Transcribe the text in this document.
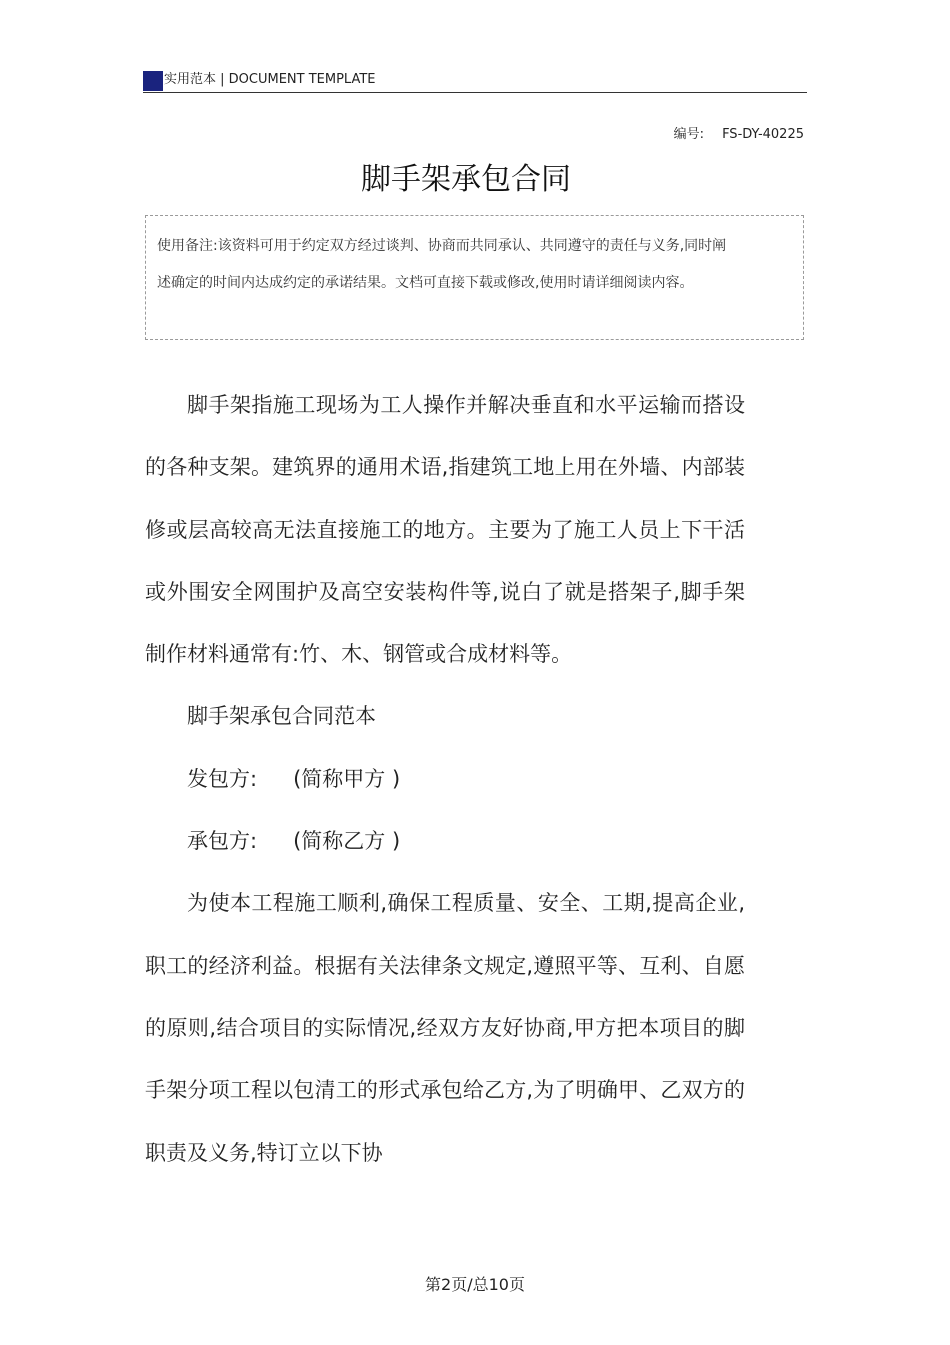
实用范本 | DOCUMENT TEMPLATE
编号: FS-DY-40225
脚手架承包合同

使用备注:该资料可用于约定双方经过谈判、协商而共同承认、共同遵守的责任与义务,同时阐述确定的时间内达成约定的承诺结果。文档可直接下载或修改,使用时请详细阅读内容。

脚手架指施工现场为工人操作并解决垂直和水平运输而搭设的各种支架。建筑界的通用术语,指建筑工地上用在外墙、内部装修或层高较高无法直接施工的地方。主要为了施工人员上下干活或外围安全网围护及高空安装构件等,说白了就是搭架子,脚手架制作材料通常有:竹、木、钢管或合成材料等。

脚手架承包合同范本

发包方: (简称甲方 )

承包方: (简称乙方 )

为使本工程施工顺利,确保工程质量、安全、工期,提高企业,职工的经济利益。根据有关法律条文规定,遵照平等、互利、自愿的原则,结合项目的实际情况,经双方友好协商,甲方把本项目的脚手架分项工程以包清工的形式承包给乙方,为了明确甲、乙双方的职责及义务,特订立以下协

第2页/总10页
